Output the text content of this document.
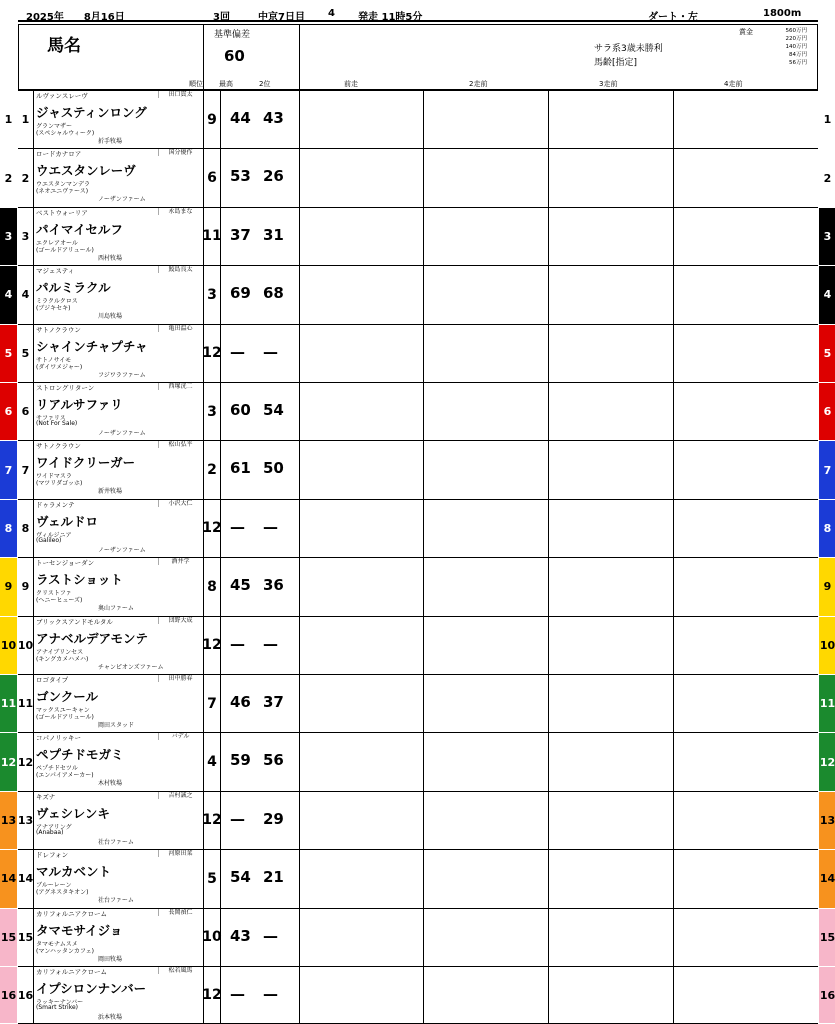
2025年　　8月16日	3回	中京7日目 4 発走 11時5分	ダート・左	1800m
馬名
基準偏差
60
順位 最高	2位	前走	2走前	3走前	4走前
サラ系3歳未勝利
馬齢[指定]
賞金	560万円
220万円
140万円
84万円
56万円
1	1
1
ルヴァンスレーヴ
ジャスティンロング
グランマザー
(スペシャルウィーク)
折手牧場
田口貫太
9 44 43
2	2
2
ロードカナロア
ウエスタンレーヴ
ウエスタンマンデラ
(ネオユニヴァース)
ノーザンファーム
国分優作
6 53 26
3	3
3
ベストウォーリア
パイマイセルフ
エクレアオール
(ゴールドアリュール)
西村牧場
永島まな
11 37 31
4	4
4
マジェスティ
パルミラクル
ミラクルクロス
(ブジキセキ)
川島牧場
鮫島良太
3 69 68
5	5
5
サトノクラウン
シャインチャプチャ
サトノサイモ
(ダイワメジャー)
フジワラファーム
亀田温心
12 — —
6	6
6
ストロングリターン
リアルサファリ
サファリス
(Not For Sale)
ノーザンファーム
西塚洸二
3 60 54
7	7
7
サトノクラウン
ワイドクリーガー
ワイドマスラ
(マツリダゴッホ)
新井牧場
松山弘平
2 61 50
8	8
8
ドゥラメンテ
ヴェルドロ
ヴィルジニア
(Galileo)
ノーザンファーム
小沢大仁
12 — —
9	9
9
トーセンジョーダン
ラストショット
クリストファ
(ヘニーヒューズ)
奥山ファーム
酒井学
8 45 36
10	10
10
ブリックスアンドモルタル
アナベルデアモンテ
アナイブリンセス
(キングカメハメハ)
チャンピオンズファーム
団野大成
12 — —
11	11
11
ロゴタイプ
ゴンクール
マックスユーキャン
(ゴールドアリュール)
岡田スタッド
田中勝春
7 46 37
12	12
12
コパノリッキー
ペプチドモガミ
ペプチドセツル
(エンパイアメーカー)
木村牧場
バデル
4 59 56
13	13
13
キズナ
ヴェシレンキ
アナアリング
(Anabaa)
社台ファーム
吉村誠之
12 — 29
14	14
14
ドレフォン
マルカベント
ブルーレーン
(アグネスタキオン)
社台ファーム
河原田菜
5 54 21
15	15
15
カリフォルニアクローム
タマモサイジョ
タマモナムスメ
(マンハッタンカフェ)
岡田牧場
長岡禎仁
10 43 —
16	16
16
カリフォルニアクローム
イプシロンナンバー
ラッキーナンバー
(Smart Strike)
浜本牧場
松若風馬
12 — —
